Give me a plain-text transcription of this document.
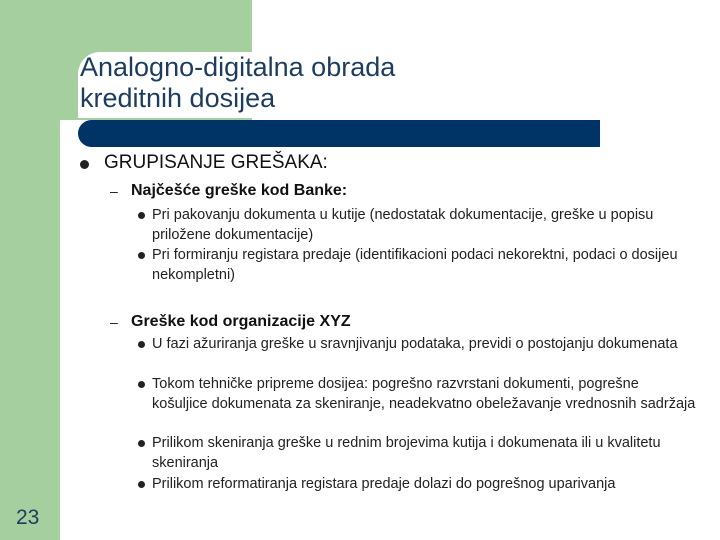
Analogno-digitalna obrada
kreditnih dosijea
GRUPISANJE GREŠAKA:
– Najčešće greške kod Banke:
Pri pakovanju dokumenta u kutije (nedostatak dokumentacije, greške u popisu priložene dokumentacije)
Pri formiranju registara predaje (identifikacioni podaci nekorektni, podaci o dosijeu nekompletni)
– Greške kod organizacije XYZ
U fazi ažuriranja greške u sravnjivanju podataka, previdi o postojanju dokumenata
Tokom tehničke pripreme dosijea: pogrešno razvrstani dokumenti, pogrešne košuljice dokumenata za skeniranje, neadekvatno obeležavanje vrednosnih sadržaja
Prilikom skeniranja greške u rednim brojevima kutija i dokumenata ili u kvalitetu skeniranja
Prilikom reformatiranja registara predaje dolazi do pogrešnog uparivanja
23
